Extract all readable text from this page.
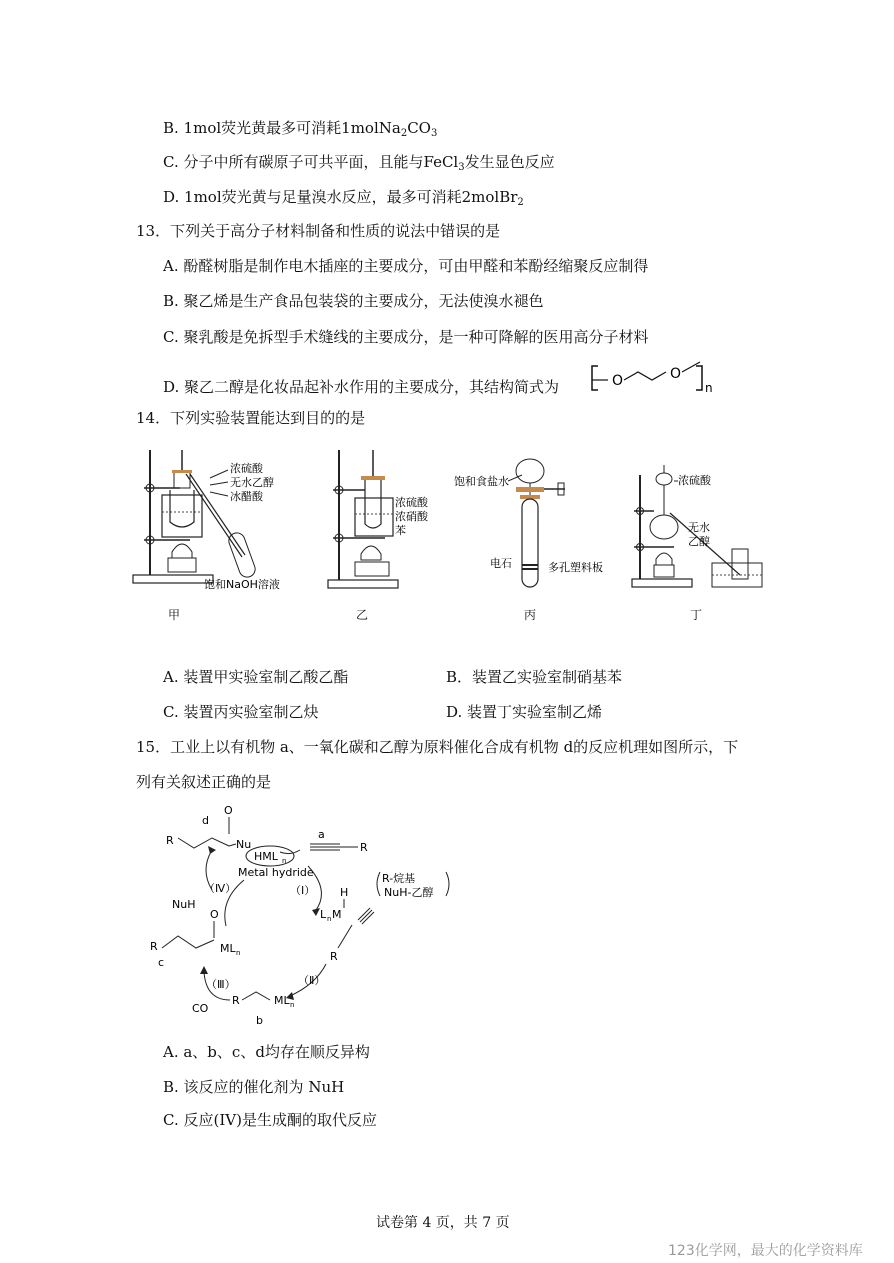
B. 1mol荧光黄最多可消耗$1molNa_2CO_3$
C. 分子中所有碳原子可共平面，且能与FeCl$_3$发生显色反应
D. 1mol荧光黄与足量溴水反应，最多可消耗2molBr$_2$
13．下列关于高分子材料制备和性质的说法中错误的是
A. 酚醛树脂是制作电木插座的主要成分，可由甲醛和苯酚经缩聚反应制得
B. 聚乙烯是生产食品包装袋的主要成分，无法使溴水褪色
C. 聚乳酸是免拆型手术缝线的主要成分，是一种可降解的医用高分子材料
D. 聚乙二醇是化妆品起补水作用的主要成分，其结构简式为	O	O
n
14．下列实验装置能达到目的的是
浓硫酸
无水乙醇
冰醋酸
饱和NaOH溶液
甲
浓硫酸
浓硝酸
苯
乙
饱和食盐水
电石	多孔塑料板
丙
浓硫酸
无水
乙醇
丁
A. 装置甲实验室制乙酸乙酯	B．装置乙实验室制硝基苯
C. 装置丙实验室制乙炔	D. 装置丁实验室制乙烯
15．工业上以有机物 a、一氧化碳和乙醇为原料催化合成有机物 d的反应机理如图所示，下
列有关叙述正确的是
d
O
Nu
R	a
R
HML n
Metal hydride
（Ⅰ）
（Ⅳ）
NuH
H
L n M
R
R-烷基
NuH-乙醇
（Ⅱ）
R	ML n
b
（Ⅲ）
CO
O
ML n
R
c
A. a、b、c、d均存在顺反异构
B. 该反应的催化剂为 NuH
C. 反应(IV)是生成酮的取代反应
试卷第 4 页，共 7 页
123化学网，最大的化学资料库
